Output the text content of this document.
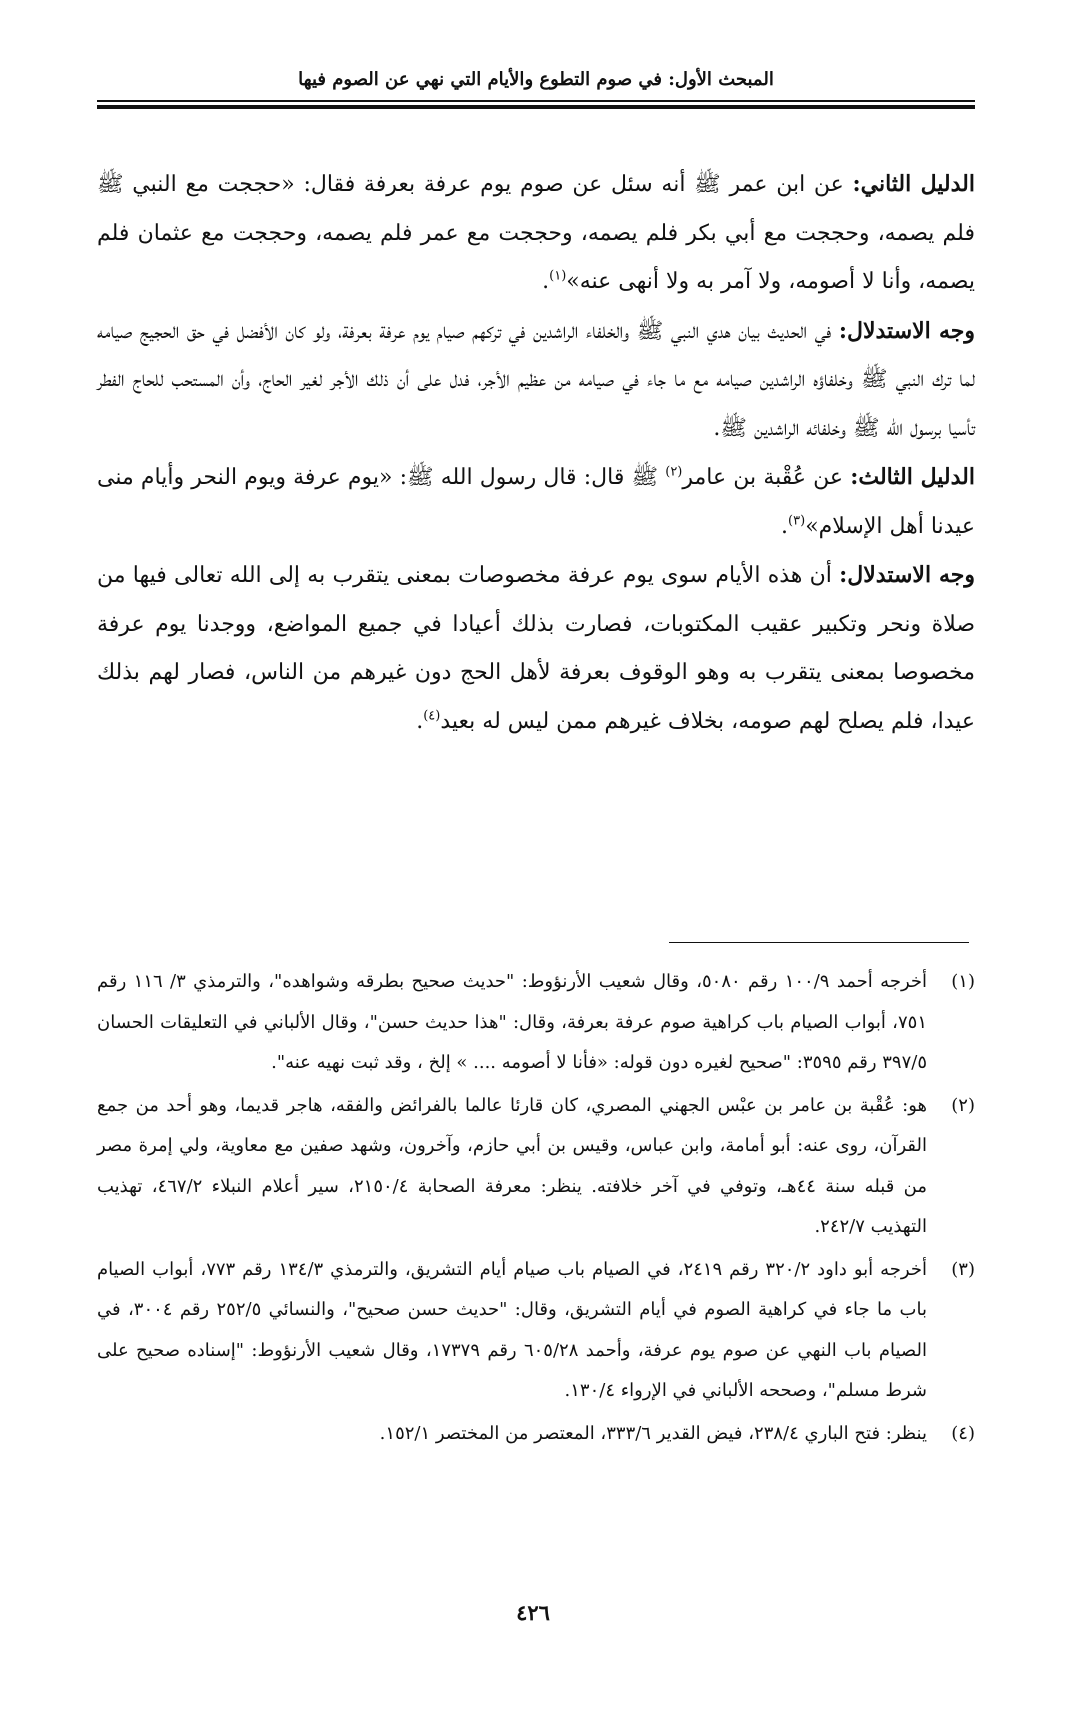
المبحث الأول: في صوم التطوع والأيام التي نهي عن الصوم فيها

الدليل الثاني: عن ابن عمر ﷺ أنه سئل عن صوم يوم عرفة بعرفة فقال: «حججت مع النبي ﷺ فلم يصمه، وحججت مع أبي بكر فلم يصمه، وحججت مع عمر فلم يصمه، وحججت مع عثمان فلم يصمه، وأنا لا أصومه، ولا آمر به ولا أنهى عنه»$^{(١)}$.

وجه الاستدلال: في الحديث بيان هدي النبي ﷺ والخلفاء الراشدين في تركهم صيام يوم عرفة بعرفة، ولو كان الأفضل في حق الحجيج صيامه لما ترك النبي ﷺ وخلفاؤه الراشدين صيامه مع ما جاء في صيامه من عظيم الأجر، فدل على أن ذلك الأجر لغير الحاج، وأن المستحب للحاج الفطر تأسيا برسول الله ﷺ وخلفائه الراشدين ﷺ.

الدليل الثالث: عن عُقْبة بن عامر$^{(٢)}$ ﷺ قال: قال رسول الله ﷺ: «يوم عرفة ويوم النحر وأيام منى عيدنا أهل الإسلام»$^{(٣)}$.

وجه الاستدلال: أن هذه الأيام سوى يوم عرفة مخصوصات بمعنى يتقرب به إلى الله تعالى فيها من صلاة ونحر وتكبير عقيب المكتوبات، فصارت بذلك أعيادا في جميع المواضع، ووجدنا يوم عرفة مخصوصا بمعنى يتقرب به وهو الوقوف بعرفة لأهل الحج دون غيرهم من الناس، فصار لهم بذلك عيدا، فلم يصلح لهم صومه، بخلاف غيرهم ممن ليس له بعيد$^{(٤)}$.

(١)
أخرجه أحمد ١٠٠/٩ رقم ٥٠٨٠، وقال شعيب الأرنؤوط: "حديث صحيح بطرقه وشواهده"، والترمذي ٣/ ١١٦ رقم ٧٥١، أبواب الصيام باب كراهية صوم عرفة بعرفة، وقال: "هذا حديث حسن"، وقال الألباني في التعليقات الحسان ٣٩٧/٥ رقم ٣٥٩٥: "صحيح لغيره دون قوله: «فأنا لا أصومه .... » إلخ ، وقد ثبت نهيه عنه".
(٢)
هو: عُقْبة بن عامر بن عبْس الجهني المصري، كان قارئا عالما بالفرائض والفقه، هاجر قديما، وهو أحد من جمع القرآن، روى عنه: أبو أمامة، وابن عباس، وقيس بن أبي حازم، وآخرون، وشهد صفين مع معاوية، ولي إمرة مصر من قبله سنة ٤٤هـ، وتوفي في آخر خلافته. ينظر: معرفة الصحابة ٢١٥٠/٤، سير أعلام النبلاء ٤٦٧/٢، تهذيب التهذيب ٢٤٢/٧.
(٣)
أخرجه أبو داود ٣٢٠/٢ رقم ٢٤١٩، في الصيام باب صيام أيام التشريق، والترمذي ١٣٤/٣ رقم ٧٧٣، أبواب الصيام باب ما جاء في كراهية الصوم في أيام التشريق، وقال: "حديث حسن صحيح"، والنسائي ٢٥٢/٥ رقم ٣٠٠٤، في الصيام باب النهي عن صوم يوم عرفة، وأحمد ٦٠٥/٢٨ رقم ١٧٣٧٩، وقال شعيب الأرنؤوط: "إسناده صحيح على شرط مسلم"، وصححه الألباني في الإرواء ١٣٠/٤.
(٤)
ينظر: فتح الباري ٢٣٨/٤، فيض القدير ٣٣٣/٦، المعتصر من المختصر ١٥٢/١.
٤٢٦
